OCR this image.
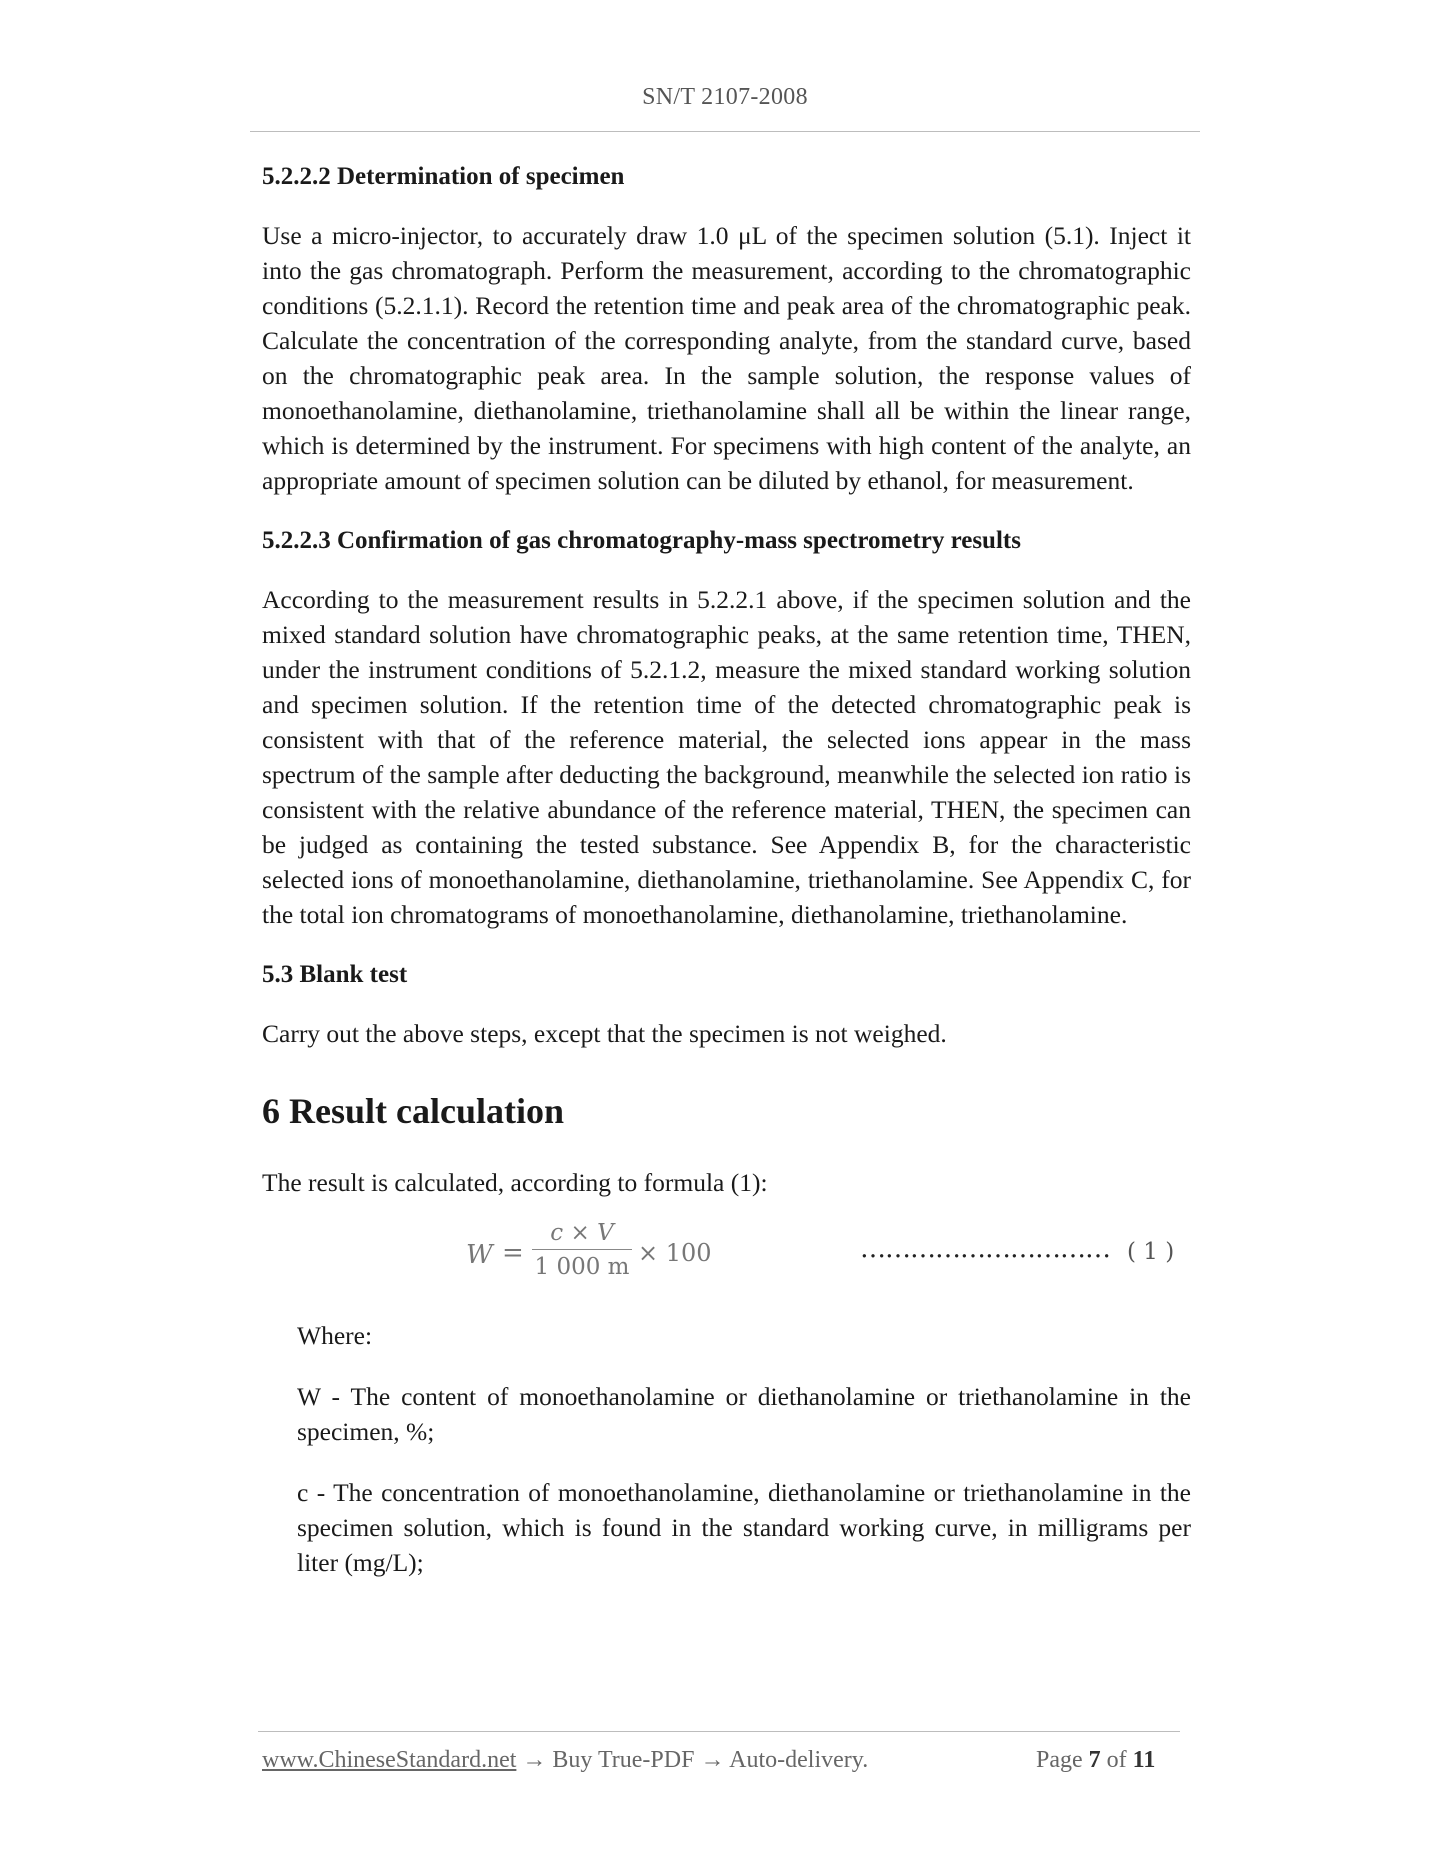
SN/T 2107-2008
5.2.2.2 Determination of specimen

Use a micro-injector, to accurately draw 1.0 μL of the specimen solution (5.1). Inject it into the gas chromatograph. Perform the measurement, according to the chromatographic conditions (5.2.1.1). Record the retention time and peak area of the chromatographic peak. Calculate the concentration of the corresponding analyte, from the standard curve, based on the chromatographic peak area. In the sample solution, the response values of monoethanolamine, diethanolamine, triethanolamine shall all be within the linear range, which is determined by the instrument. For specimens with high content of the analyte, an appropriate amount of specimen solution can be diluted by ethanol, for measurement.

5.2.2.3 Confirmation of gas chromatography-mass spectrometry results

According to the measurement results in 5.2.2.1 above, if the specimen solution and the mixed standard solution have chromatographic peaks, at the same retention time, THEN, under the instrument conditions of 5.2.1.2, measure the mixed standard working solution and specimen solution. If the retention time of the detected chromatographic peak is consistent with that of the reference material, the selected ions appear in the mass spectrum of the sample after deducting the background, meanwhile the selected ion ratio is consistent with the relative abundance of the reference material, THEN, the specimen can be judged as containing the tested substance. See Appendix B, for the characteristic selected ions of monoethanolamine, diethanolamine, triethanolamine. See Appendix C, for the total ion chromatograms of monoethanolamine, diethanolamine, triethanolamine.

5.3 Blank test

Carry out the above steps, except that the specimen is not weighed.

6 Result calculation

The result is calculated, according to formula (1):

W =
c × V
1 000 m × 100	………………………… ( 1 )

Where:

W - The content of monoethanolamine or diethanolamine or triethanolamine in the specimen, %;

c - The concentration of monoethanolamine, diethanolamine or triethanolamine in the specimen solution, which is found in the standard working curve, in milligrams per liter (mg/L);

www.ChineseStandard.net → Buy True-PDF → Auto-delivery.	Page 7 of 11
